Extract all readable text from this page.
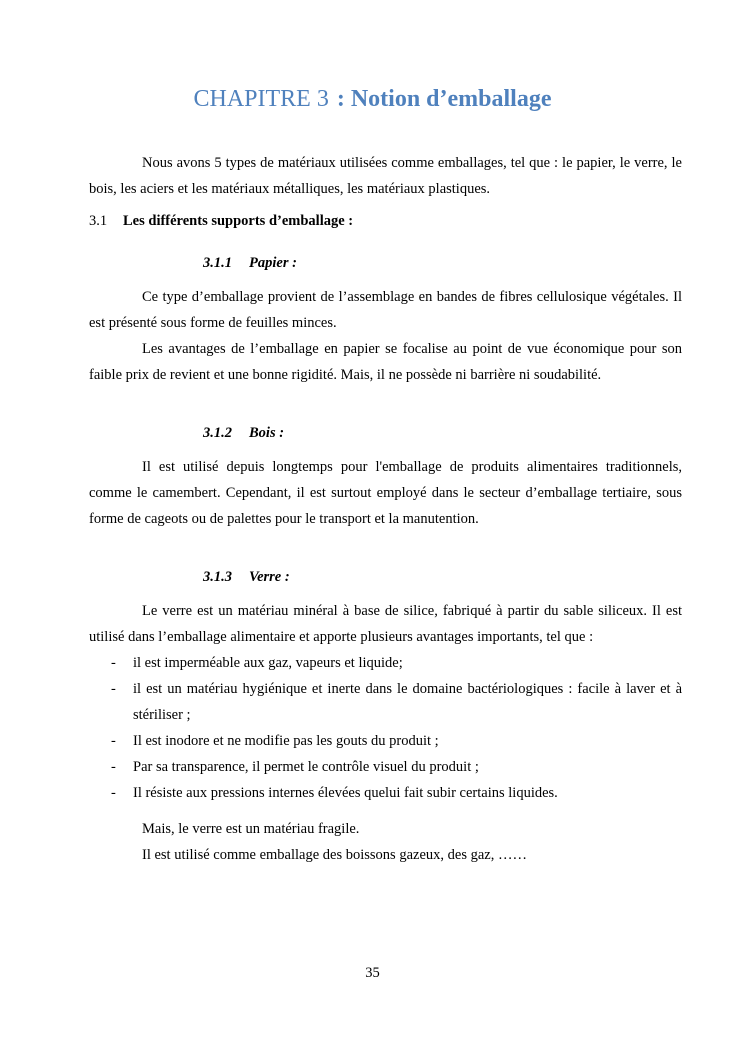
CHAPITRE 3 : Notion d’emballage

Nous avons 5 types de matériaux utilisées comme emballages, tel que : le papier, le verre, le bois, les aciers et les matériaux métalliques, les matériaux plastiques.

3.1 Les différents supports d’emballage :
3.1.1 Papier :

Ce type d’emballage provient de l’assemblage en bandes de fibres cellulosique végétales. Il est présenté sous forme de feuilles minces.

Les avantages de l’emballage en papier se focalise au point de vue économique pour son faible prix de revient et une bonne rigidité. Mais, il ne possède ni barrière ni soudabilité.

3.1.2 Bois :

Il est utilisé depuis longtemps pour l'emballage de produits alimentaires traditionnels, comme le camembert. Cependant, il est surtout employé dans le secteur d’emballage tertiaire, sous forme de cageots ou de palettes pour le transport et la manutention.

3.1.3 Verre :

Le verre est un matériau minéral à base de silice, fabriqué à partir du sable siliceux. Il est utilisé dans l’emballage alimentaire et apporte plusieurs avantages importants, tel que :

- il est imperméable aux gaz, vapeurs et liquide;
- il est un matériau hygiénique et inerte dans le domaine bactériologiques : facile à laver et à stériliser ;
- Il est inodore et ne modifie pas les gouts du produit ;
- Par sa transparence, il permet le contrôle visuel du produit ;
- Il résiste aux pressions internes élevées quelui fait subir certains liquides.
Mais, le verre est un matériau fragile.
Il est utilisé comme emballage des boissons gazeux, des gaz, ……
35
